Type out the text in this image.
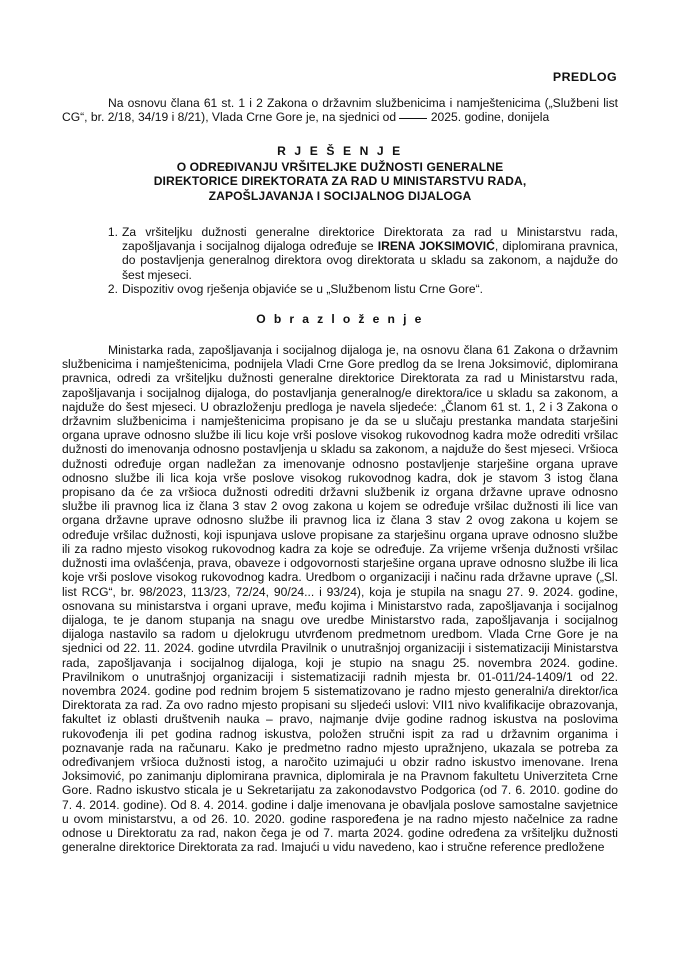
PREDLOG

Na osnovu člana 61 st. 1 i 2 Zakona o državnim službenicima i namještenicima („Službeni list CG“, br. 2/18, 34/19 i 8/21), Vlada Crne Gore je, na sjednici od  2025. godine, donijela

R J E Š E N J E
O ODREĐIVANJU VRŠITELJKE DUŽNOSTI GENERALNE
DIREKTORICE DIREKTORATA ZA RAD U MINISTARSTVU RADA,
ZAPOŠLJAVANJA I SOCIJALNOG DIJALOGA
Za vršiteljku dužnosti generalne direktorice Direktorata za rad u Ministarstvu rada, zapošljavanja i socijalnog dijaloga određuje se IRENA JOKSIMOVIĆ, diplomirana pravnica, do postavljenja generalnog direktora ovog direktorata u skladu sa zakonom, a najduže do šest mjeseci.
Dispozitiv ovog rješenja objaviće se u „Službenom listu Crne Gore“.
O b r a z l o ž e n j e

Ministarka rada, zapošljavanja i socijalnog dijaloga je, na osnovu člana 61 Zakona o državnim službenicima i namještenicima, podnijela Vladi Crne Gore predlog da se Irena Joksimović, diplomirana pravnica, odredi za vršiteljku dužnosti generalne direktorice Direktorata za rad u Ministarstvu rada, zapošljavanja i socijalnog dijaloga, do postavljanja generalnog/e direktora/ice u skladu sa zakonom, a najduže do šest mjeseci. U obrazloženju predloga je navela sljedeće: „Članom 61 st. 1, 2 i 3 Zakona o državnim službenicima i namještenicima propisano je da se u slučaju prestanka mandata starješini organa uprave odnosno službe ili licu koje vrši poslove visokog rukovodnog kadra može odrediti vršilac dužnosti do imenovanja odnosno postavljenja u skladu sa zakonom, a najduže do šest mjeseci. Vršioca dužnosti određuje organ nadležan za imenovanje odnosno postavljenje starješine organa uprave odnosno službe ili lica koja vrše poslove visokog rukovodnog kadra, dok je stavom 3 istog člana propisano da će za vršioca dužnosti odrediti državni službenik iz organa državne uprave odnosno službe ili pravnog lica iz člana 3 stav 2 ovog zakona u kojem se određuje vršilac dužnosti ili lice van organa državne uprave odnosno službe ili pravnog lica iz člana 3 stav 2 ovog zakona u kojem se određuje vršilac dužnosti, koji ispunjava uslove propisane za starješinu organa uprave odnosno službe ili za radno mjesto visokog rukovodnog kadra za koje se određuje. Za vrijeme vršenja dužnosti vršilac dužnosti ima ovlašćenja, prava, obaveze i odgovornosti starješine organa uprave odnosno službe ili lica koje vrši poslove visokog rukovodnog kadra. Uredbom o organizaciji i načinu rada državne uprave („Sl. list RCG“, br. 98/2023, 113/23, 72/24, 90/24... i 93/24), koja je stupila na snagu 27. 9. 2024. godine, osnovana su ministarstva i organi uprave, među kojima i Ministarstvo rada, zapošljavanja i socijalnog dijaloga, te je danom stupanja na snagu ove uredbe Ministarstvo rada, zapošljavanja i socijalnog dijaloga nastavilo sa radom u djelokrugu utvrđenom predmetnom uredbom. Vlada Crne Gore je na sjednici od 22. 11. 2024. godine utvrdila Pravilnik o unutrašnjoj organizaciji i sistematizaciji Ministarstva rada, zapošljavanja i socijalnog dijaloga, koji je stupio na snagu 25. novembra 2024. godine. Pravilnikom o unutrašnjoj organizaciji i sistematizaciji radnih mjesta br. 01-011/24-1409/1 od 22. novembra 2024. godine pod rednim brojem 5 sistematizovano je radno mjesto generalni/a direktor/ica Direktorata za rad. Za ovo radno mjesto propisani su sljedeći uslovi: VII1 nivo kvalifikacije obrazovanja, fakultet iz oblasti društvenih nauka – pravo, najmanje dvije godine radnog iskustva na poslovima rukovođenja ili pet godina radnog iskustva, položen stručni ispit za rad u državnim organima i poznavanje rada na računaru. Kako je predmetno radno mjesto upražnjeno, ukazala se potreba za određivanjem vršioca dužnosti istog, a naročito uzimajući u obzir radno iskustvo imenovane. Irena Joksimović, po zanimanju diplomirana pravnica, diplomirala je na Pravnom fakultetu Univerziteta Crne Gore. Radno iskustvo sticala je u Sekretarijatu za zakonodavstvo Podgorica (od 7. 6. 2010. godine do 7. 4. 2014. godine). Od 8. 4. 2014. godine i dalje imenovana je obavljala poslove samostalne savjetnice u ovom ministarstvu, a od 26. 10. 2020. godine raspoređena je na radno mjesto načelnice za radne odnose u Direktoratu za rad, nakon čega je od 7. marta 2024. godine određena za vršiteljku dužnosti generalne direktorice Direktorata za rad. Imajući u vidu navedeno, kao i stručne reference predložene
